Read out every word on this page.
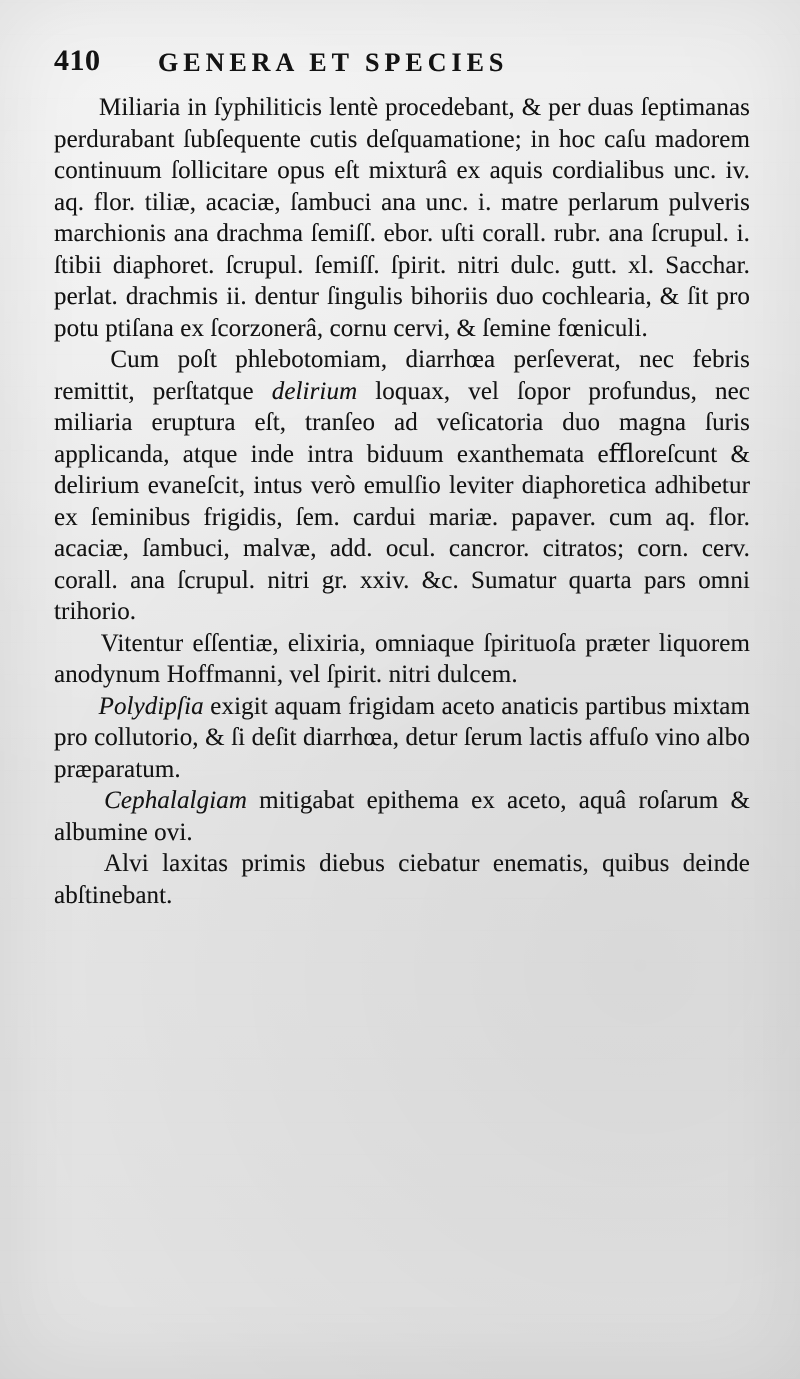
410 GENERA ET SPECIES

Miliaria in ſyphiliticis lentè procedebant, & per duas ſeptimanas perdurabant ſubſequente cutis deſquamatione; in hoc caſu madorem continuum ſollicitare opus eſt mixturâ ex aquis cordialibus unc. iv. aq. flor. tiliæ, acaciæ, ſambuci ana unc. i. matre perlarum pulveris marchionis ana drachma ſemiſſ. ebor. uſti corall. rubr. ana ſcrupul. i. ſtibii diaphoret. ſcrupul. ſemiſſ. ſpirit. nitri dulc. gutt. xl. Sacchar. perlat. drachmis ii. dentur ſingulis bihoriis duo cochlearia, & ſit pro potu ptiſana ex ſcorzonerâ, cornu cervi, & ſemine fœniculi.

Cum poſt phlebotomiam, diarrhœa perſeverat, nec febris remittit, perſtatque delirium loquax, vel ſopor profundus, nec miliaria eruptura eſt, tranſeo ad veſicatoria duo magna ſuris applicanda, atque inde intra biduum exanthemata eﬄoreſcunt & delirium evaneſcit, intus verò emulſio leviter diaphoretica adhibetur ex ſeminibus frigidis, ſem. cardui mariæ. papaver. cum aq. flor. acaciæ, ſambuci, malvæ, add. ocul. cancror. citratos; corn. cerv. corall. ana ſcrupul. nitri gr. xxiv. &c. Sumatur quarta pars omni trihorio.

Vitentur eſſentiæ, elixiria, omniaque ſpirituoſa præter liquorem anodynum Hoffmanni, vel ſpirit. nitri dulcem.

Polydipſia exigit aquam frigidam aceto anaticis partibus mixtam pro collutorio, & ſi deſit diarrhœa, detur ſerum lactis affuſo vino albo præparatum.

Cephalalgiam mitigabat epithema ex aceto, aquâ roſarum & albumine ovi.

Alvi laxitas primis diebus ciebatur enematis, quibus deinde abſtinebant.
